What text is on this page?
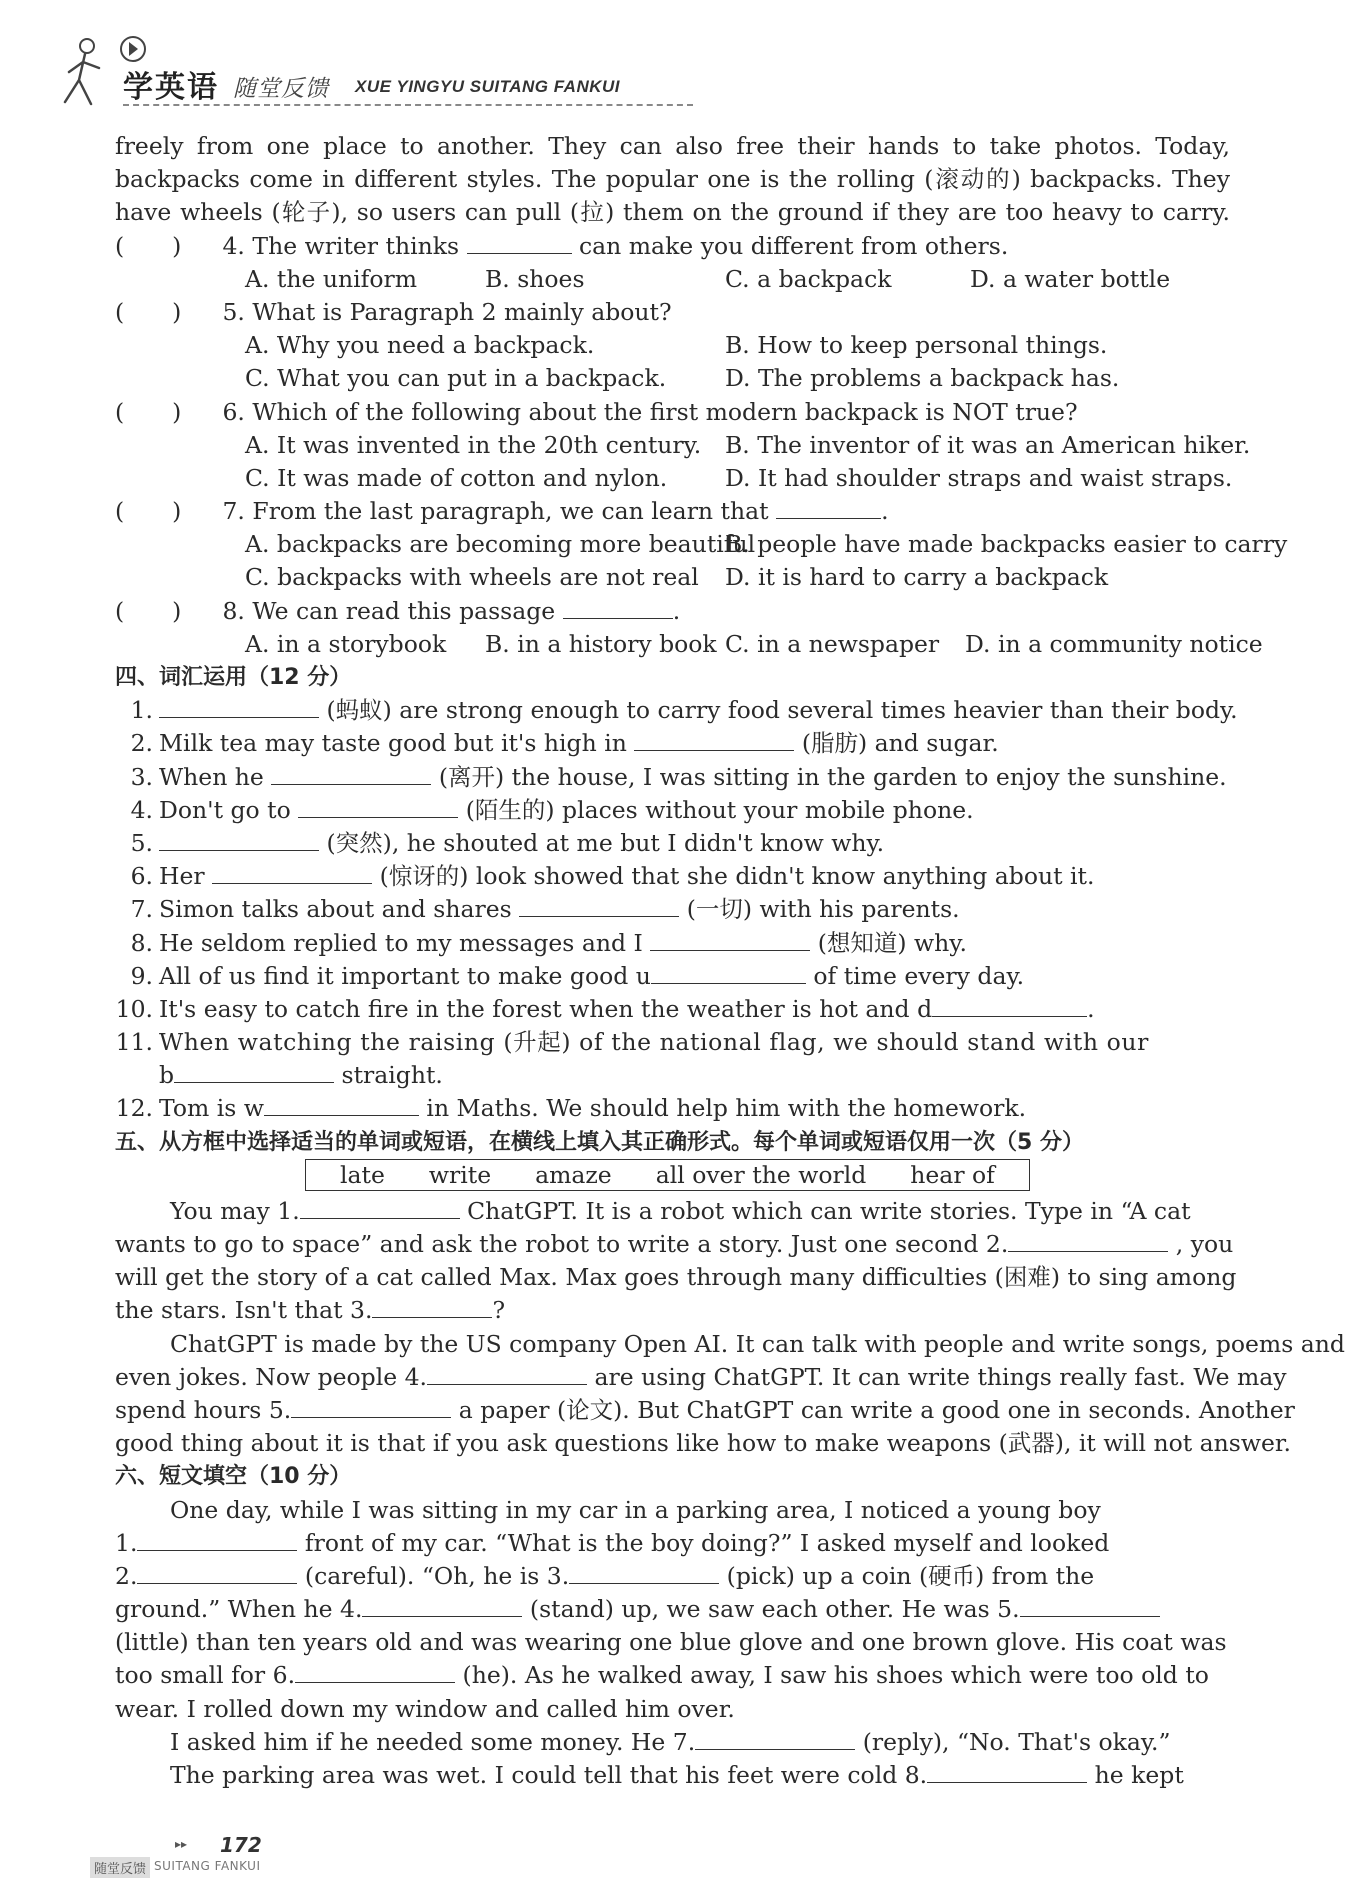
学英语 随堂反馈 XUE YINGYU SUITANG FANKUI
freely from one place to another. They can also free their hands to take photos. Today,
backpacks come in different styles. The popular one is the rolling (滚动的) backpacks. They
have wheels (轮子), so users can pull (拉) them on the ground if they are too heavy to carry.
( ) 4. The writer thinks	can make you different from others.
A. the uniform	B. shoes	C. a backpack	D. a water bottle
( ) 5. What is Paragraph 2 mainly about?
A. Why you need a backpack.	B. How to keep personal things.
C. What you can put in a backpack.	D. The problems a backpack has.
( ) 6. Which of the following about the first modern backpack is NOT true?
A. It was invented in the 20th century. B. The inventor of it was an American hiker.
C. It was made of cotton and nylon. D. It had shoulder straps and waist straps.
( ) 7. From the last paragraph, we can learn that	.
A. backpacks are becoming more beautifulB. people have made backpacks easier to carry
C. backpacks with wheels are not real D. it is hard to carry a backpack
( ) 8. We can read this passage	.
A. in a storybook B. in a history book C. in a newspaper D. in a community notice
四、词汇运用（12 分）
1.	(蚂蚁) are strong enough to carry food several times heavier than their body.
2. Milk tea may taste good but it's high in	(脂肪) and sugar.
3. When he	(离开) the house, I was sitting in the garden to enjoy the sunshine.
4. Don't go to	(陌生的) places without your mobile phone.
5.	(突然), he shouted at me but I didn't know why.
6. Her	(惊讶的) look showed that she didn't know anything about it.
7. Simon talks about and shares	(一切) with his parents.
8. He seldom replied to my messages and I	(想知道) why.
9. All of us find it important to make good u	of time every day.
10. It's easy to catch fire in the forest when the weather is hot and d	.
11. When watching the raising (升起) of the national flag, we should stand with our
b	straight.
12. Tom is w	in Maths. We should help him with the homework.
五、从方框中选择适当的单词或短语，在横线上填入其正确形式。每个单词或短语仅用一次（5 分）
late write amaze all over the world hear of
You may 1.	ChatGPT. It is a robot which can write stories. Type in “A cat
wants to go to space” and ask the robot to write a story. Just one second 2.	, you
will get the story of a cat called Max. Max goes through many difficulties (困难) to sing among
the stars. Isn't that 3.	?
ChatGPT is made by the US company Open AI. It can talk with people and write songs, poems and
even jokes. Now people 4.	are using ChatGPT. It can write things really fast. We may
spend hours 5.	a paper (论文). But ChatGPT can write a good one in seconds. Another
good thing about it is that if you ask questions like how to make weapons (武器), it will not answer.
六、短文填空（10 分）
One day, while I was sitting in my car in a parking area, I noticed a young boy
1.	front of my car. “What is the boy doing?” I asked myself and looked
2.	(careful). “Oh, he is 3.	(pick) up a coin (硬币) from the
ground.” When he 4.	(stand) up, we saw each other. He was 5.
(little) than ten years old and was wearing one blue glove and one brown glove. His coat was
too small for 6.	(he). As he walked away, I saw his shoes which were too old to
wear. I rolled down my window and called him over.
I asked him if he needed some money. He 7.	(reply), “No. That's okay.”
The parking area was wet. I could tell that his feet were cold 8.	he kept
▸▸ 172
随堂反馈 SUITANG FANKUI
